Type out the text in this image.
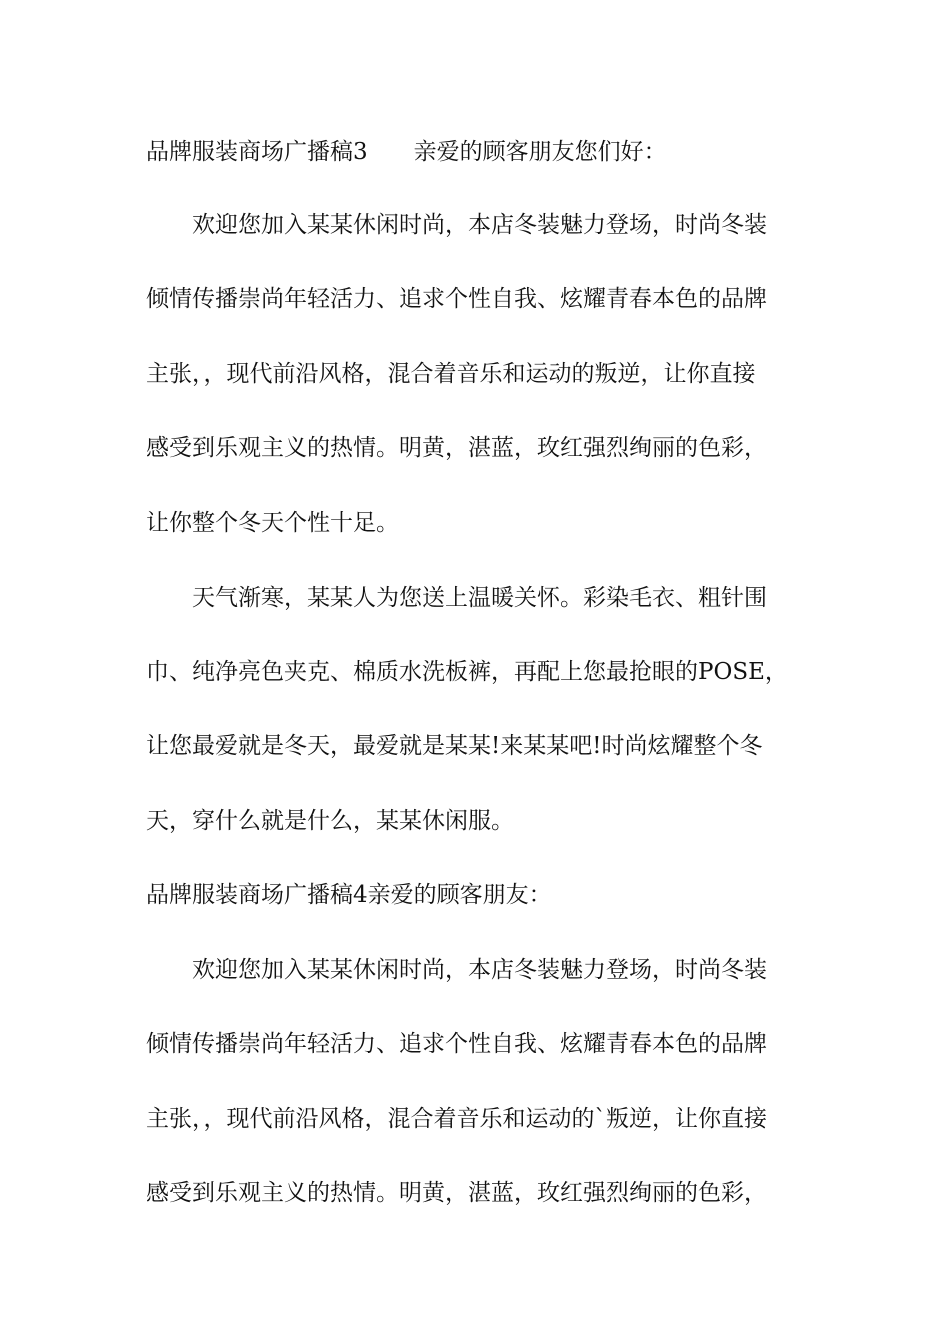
品牌服装商场广播稿3　　亲爱的顾客朋友您们好：
欢迎您加入某某休闲时尚，本店冬装魅力登场，时尚冬装
倾情传播崇尚年轻活力、追求个性自我、炫耀青春本色的品牌
主张，，现代前沿风格，混合着音乐和运动的叛逆，让你直接
感受到乐观主义的热情。明黄，湛蓝，玫红强烈绚丽的色彩，
让你整个冬天个性十足。
天气渐寒，某某人为您送上温暖关怀。彩染毛衣、粗针围
巾、纯净亮色夹克、棉质水洗板裤，再配上您最抢眼的POSE，
让您最爱就是冬天，最爱就是某某!来某某吧!时尚炫耀整个冬
天，穿什么就是什么，某某休闲服。
品牌服装商场广播稿4亲爱的顾客朋友：
欢迎您加入某某休闲时尚，本店冬装魅力登场，时尚冬装
倾情传播崇尚年轻活力、追求个性自我、炫耀青春本色的品牌
主张，，现代前沿风格，混合着音乐和运动的`叛逆，让你直接
感受到乐观主义的热情。明黄，湛蓝，玫红强烈绚丽的色彩，
